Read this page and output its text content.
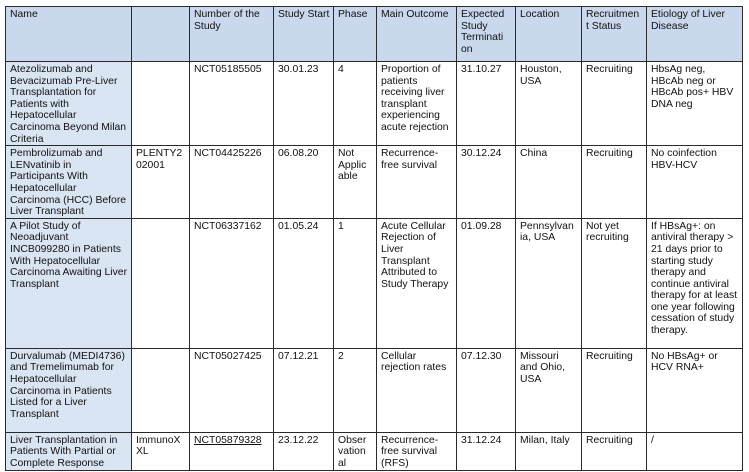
Name		Number of the Study	Study Start	Phase	Main Outcome	Expected Study Terminati on	Location	Recruitmen t Status	Etiology of Liver Disease
Atezolizumab and Bevacizumab Pre-Liver Transplantation for Patients with Hepatocellular Carcinoma Beyond Milan Criteria		NCT05185505	30.01.23	4	Proportion of patients receiving liver transplant experiencing acute rejection	31.10.27	Houston, USA	Recruiting	HbsAg neg, HBcAb neg or HBcAb pos+ HBV DNA neg
Pembrolizumab and LENvatinib in Participants With Hepatocellular Carcinoma (HCC) Before Liver Transplant	PLENTY2 02001	NCT04425226	06.08.20	Not Applic able	Recurrence-free survival	30.12.24	China	Recruiting	No coinfection HBV-HCV
A Pilot Study of Neoadjuvant INCB099280 in Patients With Hepatocellular Carcinoma Awaiting Liver Transplant		NCT06337162	01.05.24	1	Acute Cellular Rejection of Liver Transplant Attributed to Study Therapy	01.09.28	Pennsylvan ia, USA	Not yet recruiting	If HBsAg+: on antiviral therapy > 21 days prior to starting study therapy and continue antiviral therapy for at least one year following cessation of study therapy.
Durvalumab (MEDI4736) and Tremelimumab for Hepatocellular Carcinoma in Patients Listed for a Liver Transplant		NCT05027425	07.12.21	2	Cellular rejection rates	07.12.30	Missouri and Ohio, USA	Recruiting	No HBsAg+ or HCV RNA+
Liver Transplantation in Patients With Partial or Complete Response	ImmunoX XL	NCT05879328	23.12.22	Obser vation al	Recurrence-free survival (RFS)	31.12.24	Milan, Italy	Recruiting	/
